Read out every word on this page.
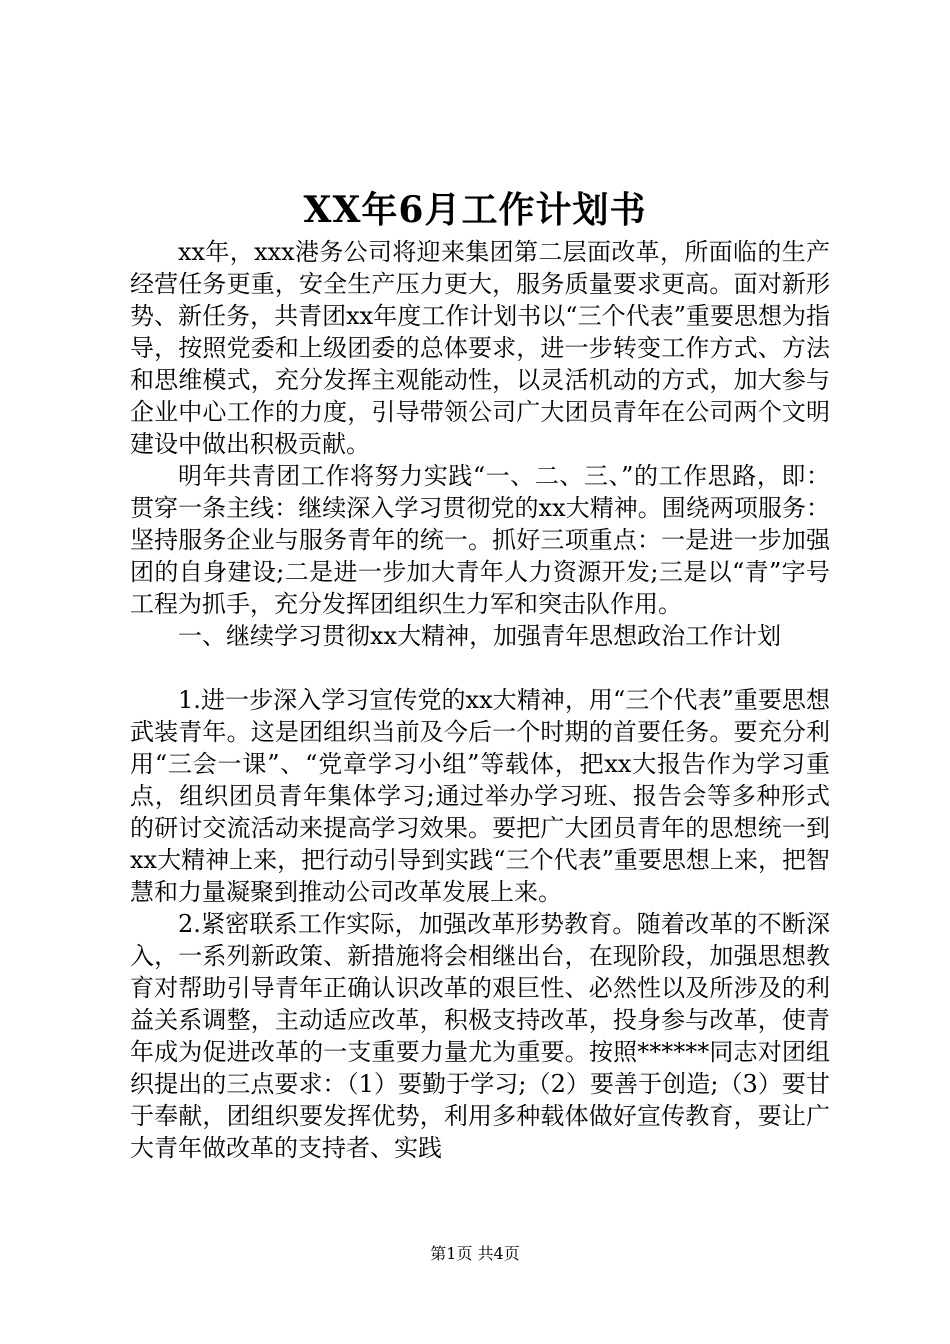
XX年6月工作计划书

xx年，xxx港务公司将迎来集团第二层面改革，所面临的生产经营任务更重，安全生产压力更大，服务质量要求更高。面对新形势、新任务，共青团xx年度工作计划书以“三个代表”重要思想为指导，按照党委和上级团委的总体要求，进一步转变工作方式、方法和思维模式，充分发挥主观能动性，以灵活机动的方式，加大参与企业中心工作的力度，引导带领公司广大团员青年在公司两个文明建设中做出积极贡献。

明年共青团工作将努力实践“一、二、三、”的工作思路，即：贯穿一条主线：继续深入学习贯彻党的xx大精神。围绕两项服务：坚持服务企业与服务青年的统一。抓好三项重点：一是进一步加强团的自身建设;二是进一步加大青年人力资源开发;三是以“青”字号工程为抓手，充分发挥团组织生力军和突击队作用。

一、继续学习贯彻xx大精神，加强青年思想政治工作计划

1.进一步深入学习宣传党的xx大精神，用“三个代表”重要思想武装青年。这是团组织当前及今后一个时期的首要任务。要充分利用“三会一课”、“党章学习小组”等载体，把xx大报告作为学习重点，组织团员青年集体学习;通过举办学习班、报告会等多种形式的研讨交流活动来提高学习效果。要把广大团员青年的思想统一到xx大精神上来，把行动引导到实践“三个代表”重要思想上来，把智慧和力量凝聚到推动公司改革发展上来。

2.紧密联系工作实际，加强改革形势教育。随着改革的不断深入，一系列新政策、新措施将会相继出台，在现阶段，加强思想教育对帮助引导青年正确认识改革的艰巨性、必然性以及所涉及的利益关系调整，主动适应改革，积极支持改革，投身参与改革，使青年成为促进改革的一支重要力量尤为重要。按照******同志对团组织提出的三点要求：（1）要勤于学习;（2）要善于创造;（3）要甘于奉献，团组织要发挥优势，利用多种载体做好宣传教育，要让广大青年做改革的支持者、实践

第1页 共4页
